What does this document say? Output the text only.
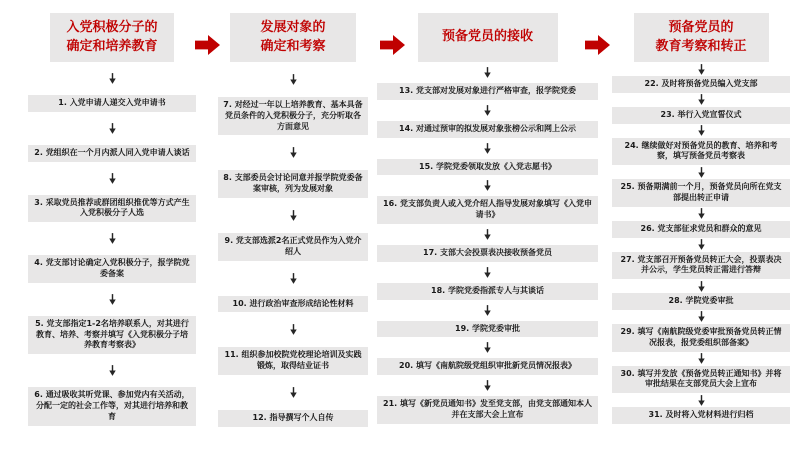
入党积极分子的
确定和培养教育
1. 入党申请人递交入党申请书
2. 党组织在一个月内派人同入党申请人谈话
3. 采取党员推荐或群团组织推优等方式产生入党积极分子人选
4. 党支部讨论确定入党积极分子，报学院党委备案
5. 党支部指定1-2名培养联系人，对其进行教育、培养、考察并填写《入党积极分子培养教育考察表》
6. 通过吸收其听党课、参加党内有关活动，分配一定的社会工作等，对其进行培养和教育
发展对象的
确定和考察
7. 对经过一年以上培养教育、基本具备党员条件的入党积极分子，充分听取各方面意见
8. 支部委员会讨论同意并报学院党委备案审核，列为发展对象
9. 党支部选派2名正式党员作为入党介绍人
10. 进行政治审查形成结论性材料
11. 组织参加校院党校理论培训及实践锻炼，取得结业证书
12. 指导撰写个人自传
预备党员的接收
13. 党支部对发展对象进行严格审查，报学院党委
14. 对通过预审的拟发展对象张榜公示和网上公示
15. 学院党委领取发放《入党志愿书》
16. 党支部负责人或入党介绍人指导发展对象填写《入党申请书》
17. 支部大会投票表决接收预备党员
18. 学院党委指派专人与其谈话
19. 学院党委审批
20. 填写《南航院级党组织审批新党员情况报表》
21. 填写《新党员通知书》发至党支部，由党支部通知本人并在支部大会上宣布
预备党员的
教育考察和转正
22. 及时将预备党员编入党支部
23. 举行入党宣誓仪式
24. 继续做好对预备党员的教育、培养和考察，填写预备党员考察表
25. 预备期满前一个月，预备党员向所在党支部提出转正申请
26. 党支部征求党员和群众的意见
27. 党支部召开预备党员转正大会，投票表决并公示，学生党员转正需进行答辩
28. 学院党委审批
29. 填写《南航院级党委审批预备党员转正情况报表，报党委组织部备案》
30. 填写并发放《预备党员转正通知书》并将审批结果在支部党员大会上宣布
31. 及时将入党材料进行归档
